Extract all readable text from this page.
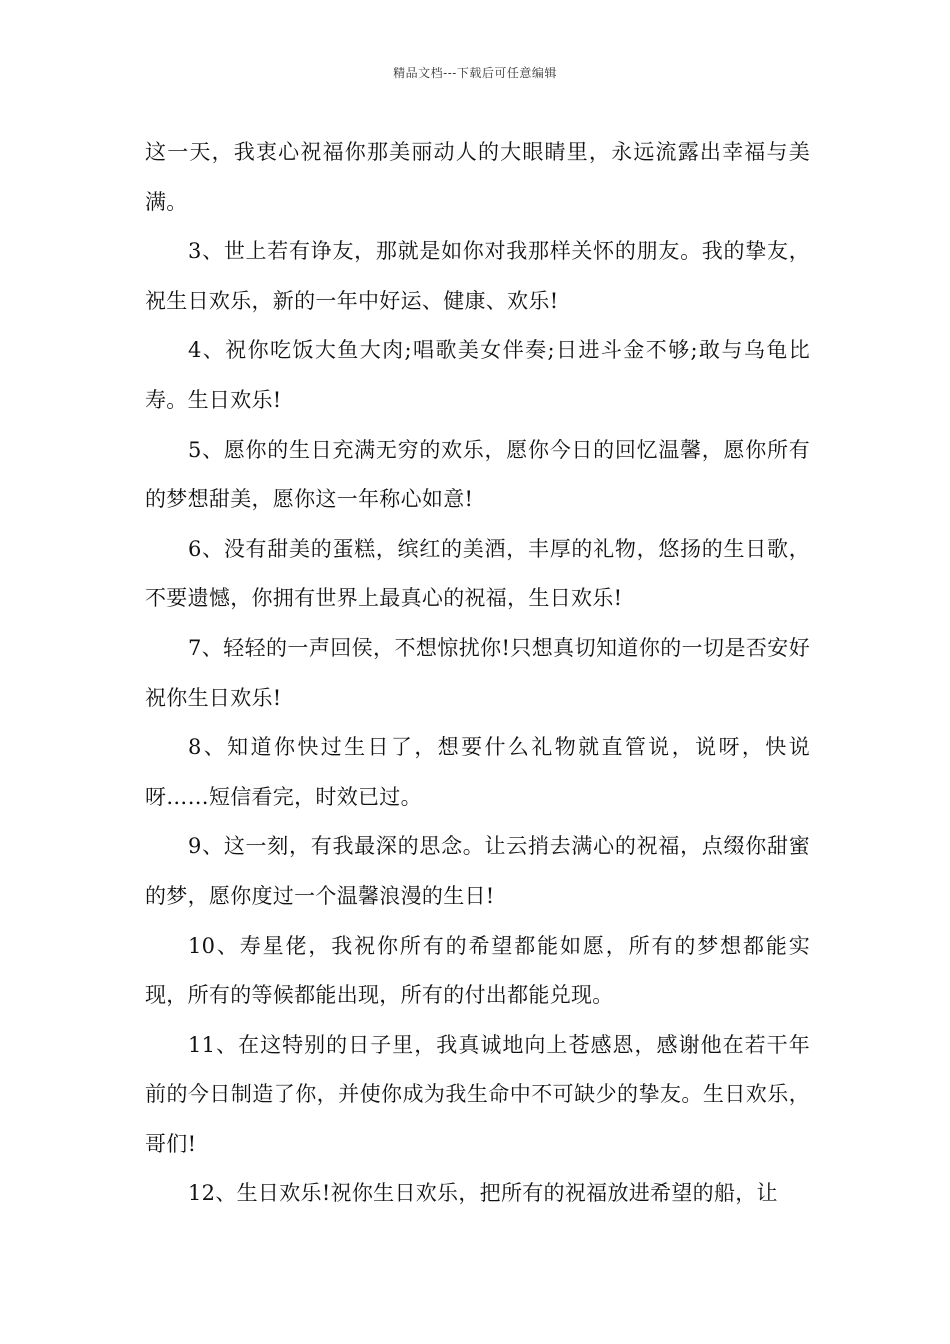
精品文档---下载后可任意编辑

这一天，我衷心祝福你那美丽动人的大眼睛里，永远流露出幸福与美满。

3、世上若有诤友，那就是如你对我那样关怀的朋友。我的挚友，祝生日欢乐，新的一年中好运、健康、欢乐!

4、祝你吃饭大鱼大肉;唱歌美女伴奏;日进斗金不够;敢与乌龟比寿。生日欢乐!

5、愿你的生日充满无穷的欢乐，愿你今日的回忆温馨，愿你所有的梦想甜美，愿你这一年称心如意!

6、没有甜美的蛋糕，缤红的美酒，丰厚的礼物，悠扬的生日歌，不要遗憾，你拥有世界上最真心的祝福，生日欢乐!

7、轻轻的一声回侯，不想惊扰你!只想真切知道你的一切是否安好祝你生日欢乐!

8、知道你快过生日了，想要什么礼物就直管说，说呀，快说呀……短信看完，时效已过。

9、这一刻，有我最深的思念。让云捎去满心的祝福，点缀你甜蜜的梦，愿你度过一个温馨浪漫的生日!

10、寿星佬，我祝你所有的希望都能如愿，所有的梦想都能实现，所有的等候都能出现，所有的付出都能兑现。

11、在这特别的日子里，我真诚地向上苍感恩，感谢他在若干年前的今日制造了你，并使你成为我生命中不可缺少的挚友。生日欢乐，哥们!

12、生日欢乐!祝你生日欢乐，把所有的祝福放进希望的船，让
